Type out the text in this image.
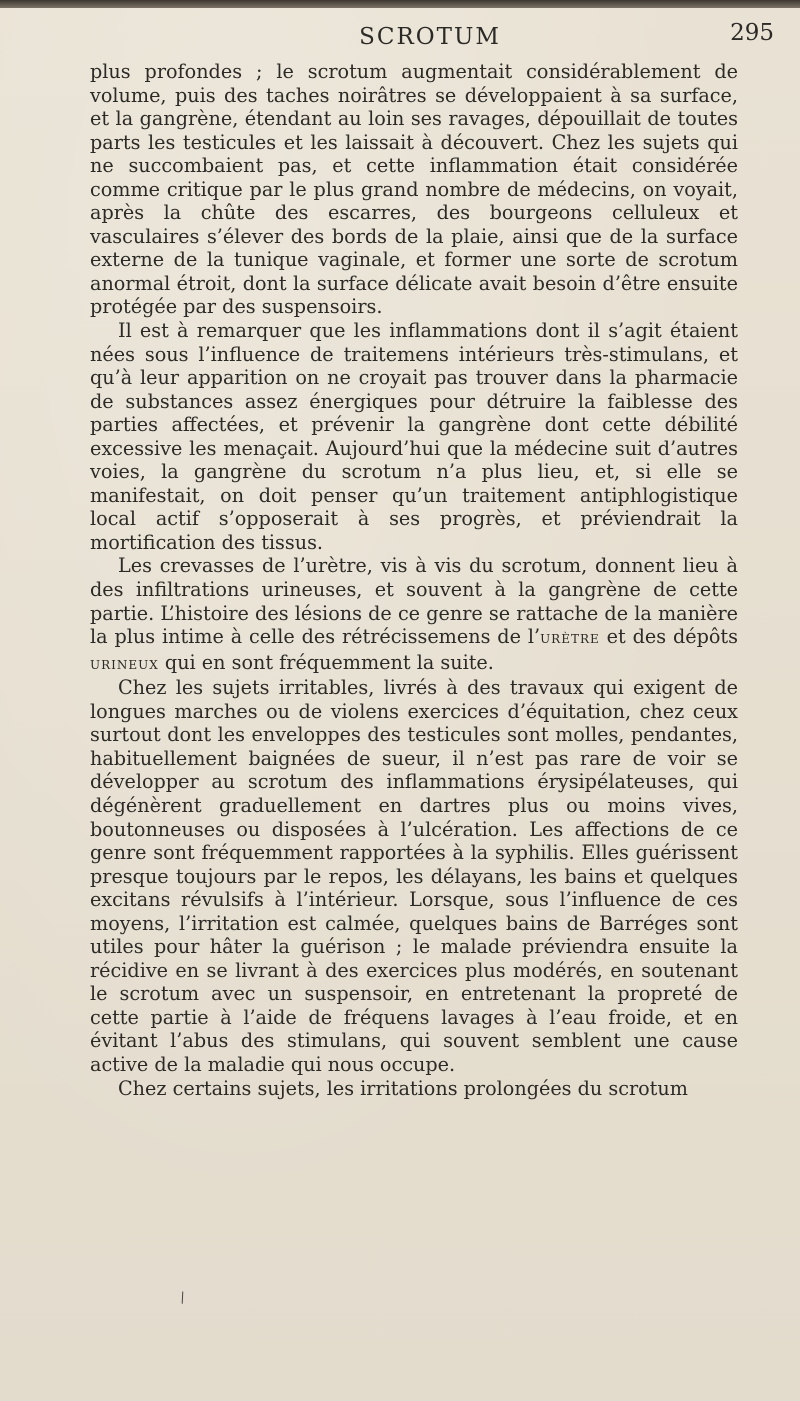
SCROTUM	295

plus profondes ; le scrotum augmentait considérablement de volume, puis des taches noirâtres se développaient à sa surface, et la gangrène, étendant au loin ses ravages, dépouillait de toutes parts les testicules et les laissait à découvert. Chez les sujets qui ne succombaient pas, et cette inflammation était considérée comme critique par le plus grand nombre de médecins, on voyait, après la chûte des escarres, des bourgeons celluleux et vasculaires s’élever des bords de la plaie, ainsi que de la surface externe de la tunique vaginale, et former une sorte de scrotum anormal étroit, dont la surface délicate avait besoin d’être ensuite protégée par des suspensoirs.

Il est à remarquer que les inflammations dont il s’agit étaient nées sous l’influence de traitemens intérieurs très-stimulans, et qu’à leur apparition on ne croyait pas trouver dans la pharmacie de substances assez énergiques pour détruire la faiblesse des parties affectées, et prévenir la gangrène dont cette débilité excessive les menaçait. Aujourd’hui que la médecine suit d’autres voies, la gangrène du scrotum n’a plus lieu, et, si elle se manifestait, on doit penser qu’un traitement antiphlogistique local actif s’opposerait à ses progrès, et préviendrait la mortification des tissus.

Les crevasses de l’urètre, vis à vis du scrotum, donnent lieu à des infiltrations urineuses, et souvent à la gangrène de cette partie. L’histoire des lésions de ce genre se rattache de la manière la plus intime à celle des rétrécissemens de l’urètre et des dépôts urineux qui en sont fréquemment la suite.

Chez les sujets irritables, livrés à des travaux qui exigent de longues marches ou de violens exercices d’équitation, chez ceux surtout dont les enveloppes des testicules sont molles, pendantes, habituellement baignées de sueur, il n’est pas rare de voir se développer au scrotum des inflammations érysipélateuses, qui dégénèrent graduellement en dartres plus ou moins vives, boutonneuses ou disposées à l’ulcération. Les affections de ce genre sont fréquemment rapportées à la syphilis. Elles guérissent presque toujours par le repos, les délayans, les bains et quelques excitans révulsifs à l’intérieur. Lorsque, sous l’influence de ces moyens, l’irritation est calmée, quelques bains de Barréges sont utiles pour hâter la guérison ; le malade préviendra ensuite la récidive en se livrant à des exercices plus modérés, en soutenant le scrotum avec un suspensoir, en entretenant la propreté de cette partie à l’aide de fréquens lavages à l’eau froide, et en évitant l’abus des stimulans, qui souvent semblent une cause active de la maladie qui nous occupe.

Chez certains sujets, les irritations prolongées du scrotum

\
